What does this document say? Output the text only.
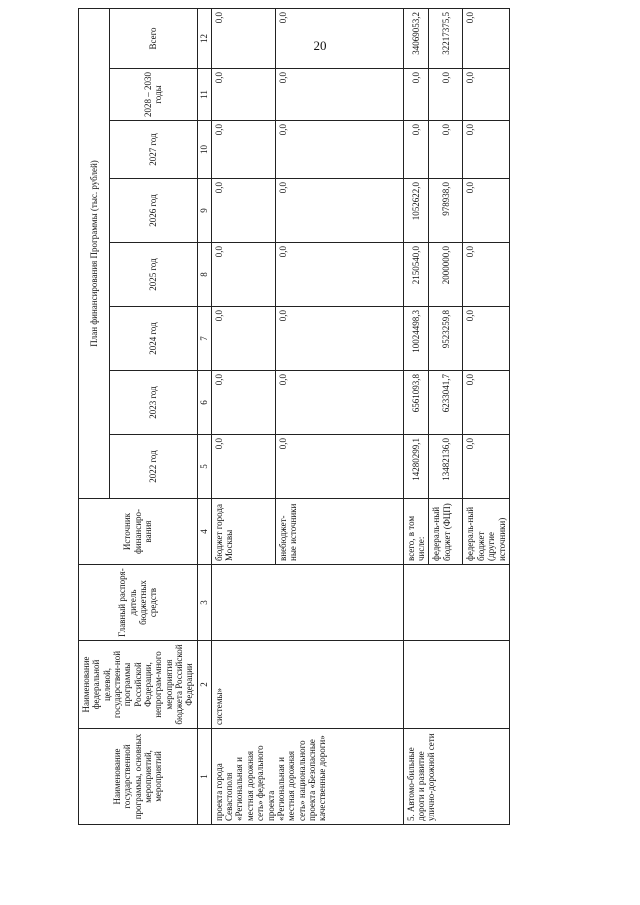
20
Наименование государственной программы, основных мероприятий, мероприятий	Наименование федеральной целевой, государствен-ной программы Российской Федерации, непрограм-много мероприятия бюджета Российской Федерации	Главный распоря-дитель бюджетных средств	Источник финансиро-вания	План финансирования Программы (тыс. рублей)							
				2022 год	2023 год	2024 год	2025 год	2026 год	2027 год	2028 – 2030 годы	Всего
1	2	3	4	5	6	7	8	9	10	11	12
проекта города Севастополя «Региональная и местная дорожная сеть» федерального проекта «Региональная и местная дорожная сеть» национального проекта «Безопасные качественные дороги»	системы»		бюджет города Москвы	0,0	0,0	0,0	0,0	0,0	0,0	0,0	0,0
			внебюджет-ные источники	0,0	0,0	0,0	0,0	0,0	0,0	0,0	0,0
5. Автомо-бильные дороги и развитие улично-дорожной сети			всего, в том числе:	14280299,1	6561093,8	10024498,3	2150540,0	1052622,0	0,0	0,0	34069053,2
			федераль-ный бюджет (ФЦП)	13482136,0	6233041,7	9523259,8	2000000,0	978938,0	0,0	0,0	32217375,5
			федераль-ный бюджет (другие источники)	0,0	0,0	0,0	0,0	0,0	0,0	0,0	0,0
